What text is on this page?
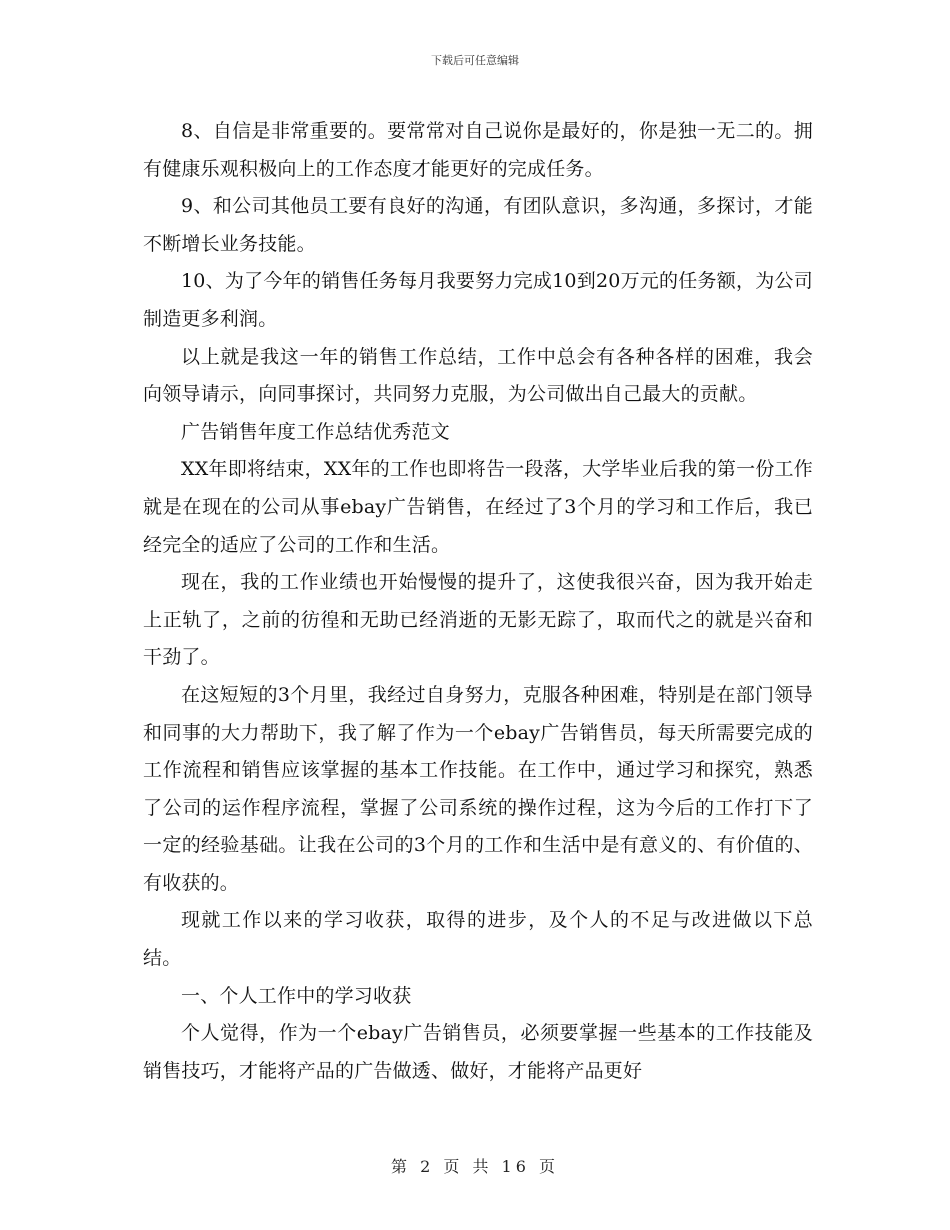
下载后可任意编辑

8、自信是非常重要的。要常常对自己说你是最好的，你是独一无二的。拥有健康乐观积极向上的工作态度才能更好的完成任务。

9、和公司其他员工要有良好的沟通，有团队意识，多沟通，多探讨，才能不断增长业务技能。

10、为了今年的销售任务每月我要努力完成10到20万元的任务额，为公司制造更多利润。

以上就是我这一年的销售工作总结，工作中总会有各种各样的困难，我会向领导请示，向同事探讨，共同努力克服，为公司做出自己最大的贡献。

广告销售年度工作总结优秀范文

XX年即将结束，XX年的工作也即将告一段落，大学毕业后我的第一份工作就是在现在的公司从事ebay广告销售，在经过了3个月的学习和工作后，我已经完全的适应了公司的工作和生活。

现在，我的工作业绩也开始慢慢的提升了，这使我很兴奋，因为我开始走上正轨了，之前的彷徨和无助已经消逝的无影无踪了，取而代之的就是兴奋和干劲了。

在这短短的3个月里，我经过自身努力，克服各种困难，特别是在部门领导和同事的大力帮助下，我了解了作为一个ebay广告销售员，每天所需要完成的工作流程和销售应该掌握的基本工作技能。在工作中，通过学习和探究，熟悉了公司的运作程序流程，掌握了公司系统的操作过程，这为今后的工作打下了一定的经验基础。让我在公司的3个月的工作和生活中是有意义的、有价值的、有收获的。

现就工作以来的学习收获，取得的进步，及个人的不足与改进做以下总结。

一、个人工作中的学习收获

个人觉得，作为一个ebay广告销售员，必须要掌握一些基本的工作技能及销售技巧，才能将产品的广告做透、做好，才能将产品更好

第 2 页 共 16 页
